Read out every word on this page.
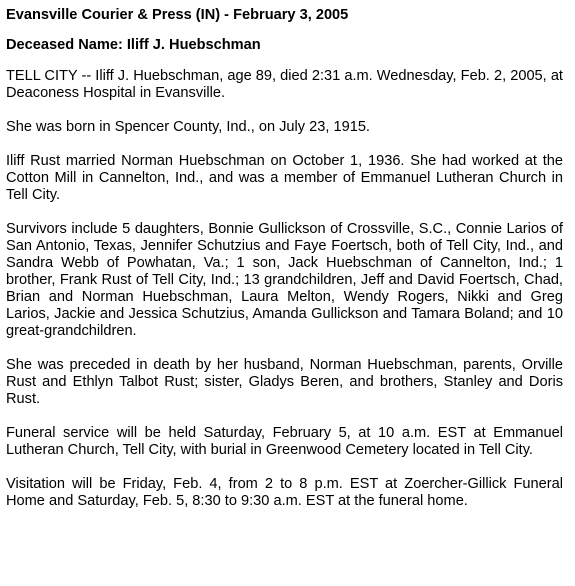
Evansville Courier & Press (IN) - February 3, 2005
Deceased Name: Iliff J. Huebschman

TELL CITY -- Iliff J. Huebschman, age 89, died 2:31 a.m. Wednesday, Feb. 2, 2005, at Deaconess Hospital in Evansville.

She was born in Spencer County, Ind., on July 23, 1915.

Iliff Rust married Norman Huebschman on October 1, 1936. She had worked at the Cotton Mill in Cannelton, Ind., and was a member of Emmanuel Lutheran Church in Tell City.

Survivors include 5 daughters, Bonnie Gullickson of Crossville, S.C., Connie Larios of San Antonio, Texas, Jennifer Schutzius and Faye Foertsch, both of Tell City, Ind., and Sandra Webb of Powhatan, Va.; 1 son, Jack Huebschman of Cannelton, Ind.; 1 brother, Frank Rust of Tell City, Ind.; 13 grandchildren, Jeff and David Foertsch, Chad, Brian and Norman Huebschman, Laura Melton, Wendy Rogers, Nikki and Greg Larios, Jackie and Jessica Schutzius, Amanda Gullickson and Tamara Boland; and 10 great-grandchildren.

She was preceded in death by her husband, Norman Huebschman, parents, Orville Rust and Ethlyn Talbot Rust; sister, Gladys Beren, and brothers, Stanley and Doris Rust.

Funeral service will be held Saturday, February 5, at 10 a.m. EST at Emmanuel Lutheran Church, Tell City, with burial in Greenwood Cemetery located in Tell City.

Visitation will be Friday, Feb. 4, from 2 to 8 p.m. EST at Zoercher-Gillick Funeral Home and Saturday, Feb. 5, 8:30 to 9:30 a.m. EST at the funeral home.
